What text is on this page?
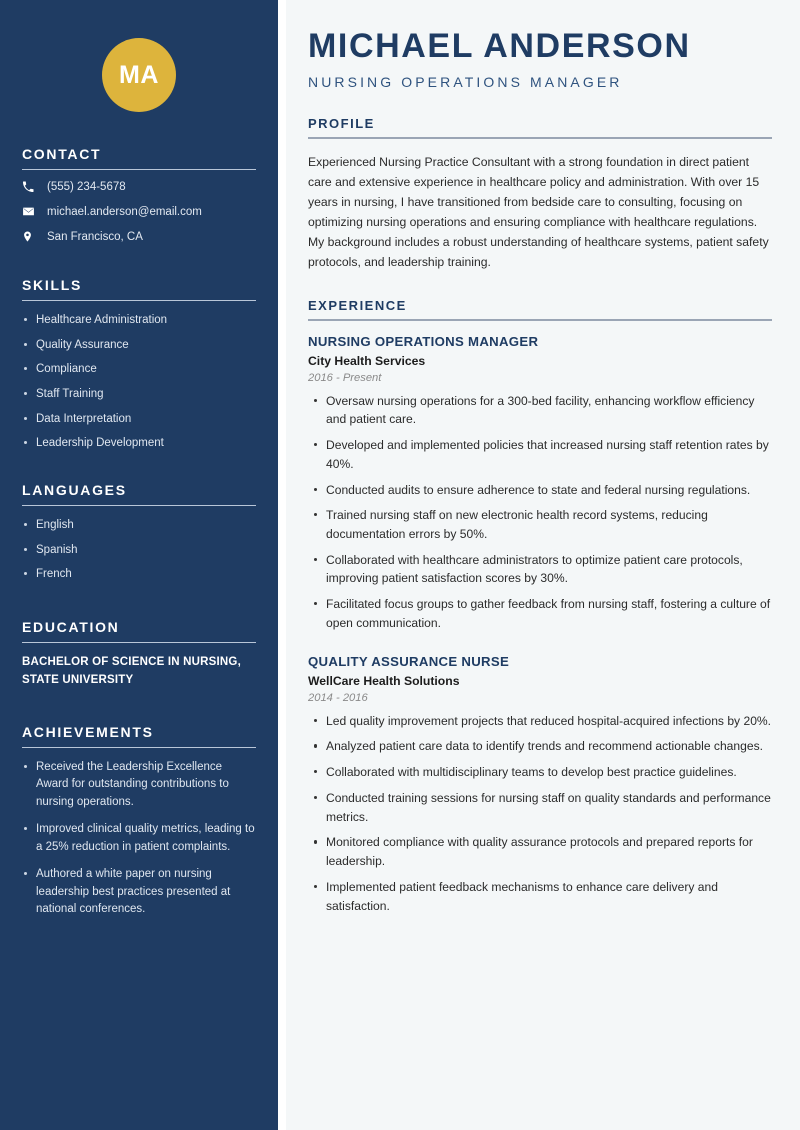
MA
CONTACT
(555) 234-5678
michael.anderson@email.com
San Francisco, CA
SKILLS
Healthcare Administration
Quality Assurance
Compliance
Staff Training
Data Interpretation
Leadership Development
LANGUAGES
English
Spanish
French
EDUCATION
BACHELOR OF SCIENCE IN NURSING, STATE UNIVERSITY
ACHIEVEMENTS
Received the Leadership Excellence Award for outstanding contributions to nursing operations.
Improved clinical quality metrics, leading to a 25% reduction in patient complaints.
Authored a white paper on nursing leadership best practices presented at national conferences.
MICHAEL ANDERSON
NURSING OPERATIONS MANAGER
PROFILE

Experienced Nursing Practice Consultant with a strong foundation in direct patient care and extensive experience in healthcare policy and administration. With over 15 years in nursing, I have transitioned from bedside care to consulting, focusing on optimizing nursing operations and ensuring compliance with healthcare regulations. My background includes a robust understanding of healthcare systems, patient safety protocols, and leadership training.

EXPERIENCE
NURSING OPERATIONS MANAGER
City Health Services
2016 - Present
Oversaw nursing operations for a 300-bed facility, enhancing workflow efficiency and patient care.
Developed and implemented policies that increased nursing staff retention rates by 40%.
Conducted audits to ensure adherence to state and federal nursing regulations.
Trained nursing staff on new electronic health record systems, reducing documentation errors by 50%.
Collaborated with healthcare administrators to optimize patient care protocols, improving patient satisfaction scores by 30%.
Facilitated focus groups to gather feedback from nursing staff, fostering a culture of open communication.
QUALITY ASSURANCE NURSE
WellCare Health Solutions
2014 - 2016
Led quality improvement projects that reduced hospital-acquired infections by 20%.
Analyzed patient care data to identify trends and recommend actionable changes.
Collaborated with multidisciplinary teams to develop best practice guidelines.
Conducted training sessions for nursing staff on quality standards and performance metrics.
Monitored compliance with quality assurance protocols and prepared reports for leadership.
Implemented patient feedback mechanisms to enhance care delivery and satisfaction.
